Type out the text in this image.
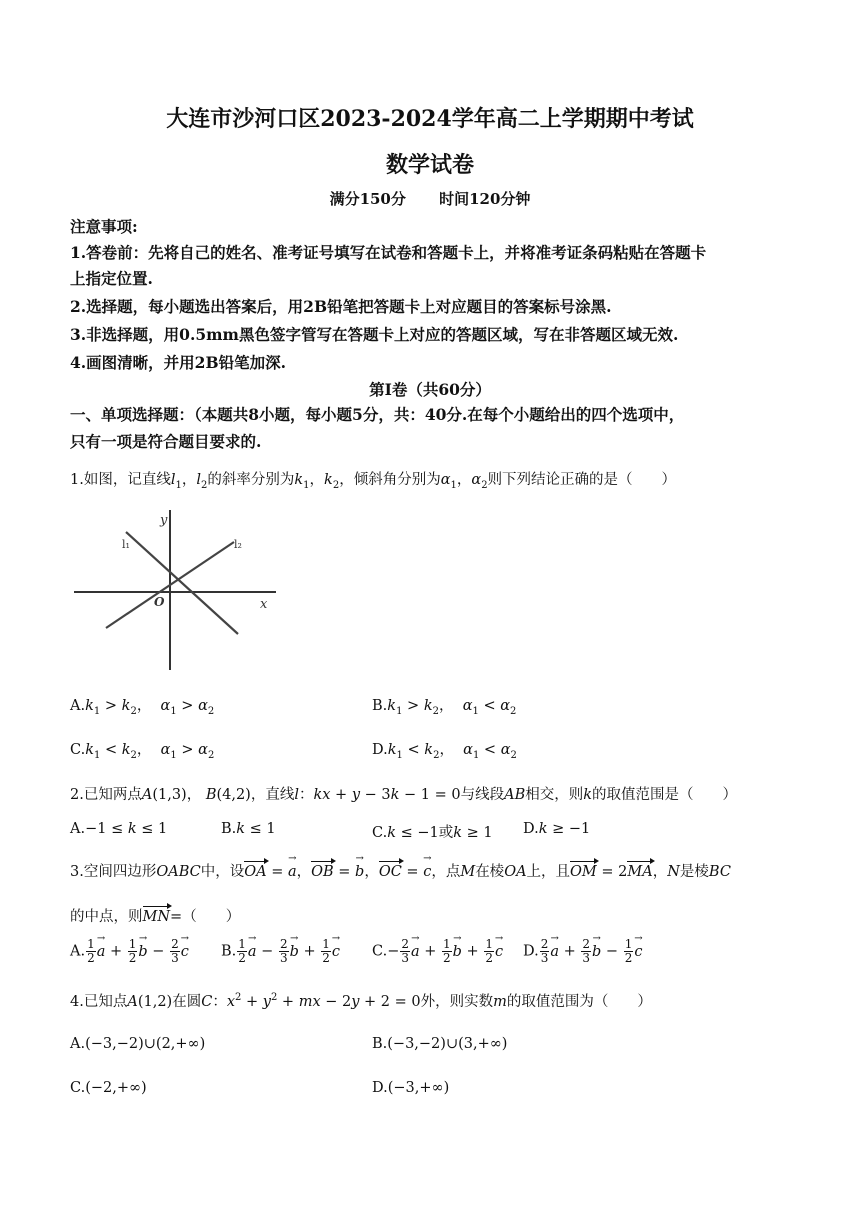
大连市沙河口区2023-2024学年高二上学期期中考试
数学试卷
满分150分 时间120分钟
注意事项:
1.答卷前：先将自己的姓名、准考证号填写在试卷和答题卡上，并将准考证条码粘贴在答题卡
上指定位置.
2.选择题，每小题选出答案后，用2B铅笔把答题卡上对应题目的答案标号涂黑.
3.非选择题，用0.5mm黑色签字管写在答题卡上对应的答题区域，写在非答题区域无效.
4.画图清晰，并用2B铅笔加深.
第Ⅰ卷（共60分）
一、单项选择题：（本题共8小题，每小题5分，共：40分.在每个小题给出的四个选项中，
只有一项是符合题目要求的.
1.如图，记直线$l_1$，$l_2$的斜率分别为$k_1$，$k_2$，倾斜角分别为$\alpha_1$，$\alpha_2$则下列结论正确的是（　　）
y
x
O
l₁	l₂
$A.k_1 > k_2$，  $\alpha_1 > \alpha_2$	$B.k_1 > k_2$，  $\alpha_1 < \alpha_2$
$C.k_1 < k_2$，  $\alpha_1 > \alpha_2$	$D.k_1 < k_2$，  $\alpha_1 < \alpha_2$
2.已知两点A(1,3)， B(4,2)，直线l：kx + y − 3k − 1 = 0与线段AB相交，则k的取值范围是（　　）
A.−1 ≤ k ≤ 1	B.k ≤ 1	C.k ≤ −1或k ≥ 1 D.k ≥ −1
3.空间四边形OABC中，设OA = → a，OB = → b，OC = → c，点M在棱OA上，且OM = 2MA，N是棱BC
的中点，则MN=（　　）
A. $\frac{1}{2}$
→ $a + \frac{1}{2}$
→ $b - \frac{2}{3}$
→ c B. $\frac{1}{2}$
→ $a - \frac{2}{3}$
→ $b + \frac{1}{2}$
→ c $C.- \frac{2}{3}$
→ $a + \frac{1}{2}$
→ $b + \frac{1}{2}$
→ c D. $\frac{2}{3}$
→ $a + \frac{2}{3}$
→ $b - \frac{1}{2}$
→ c
4.已知点A(1,2)在圆C：$x^2 + y^2$ + mx − 2y + 2 = 0外，则实数m的取值范围为（　　）
A.(−3,−2)∪(2,+∞)	B.(−3,−2)∪(3,+∞)
C.(−2,+∞)	D.(−3,+∞)
